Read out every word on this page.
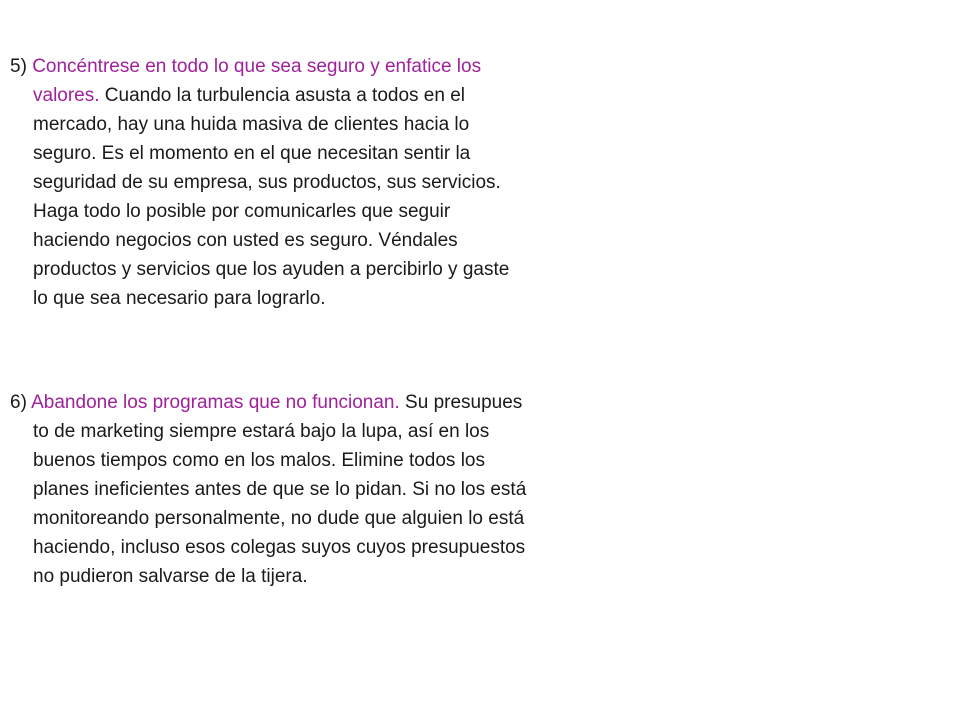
5) Concéntrese en todo lo que sea seguro y enfatice los
valores. Cuando la turbulencia asusta a todos en el
mercado, hay una huida masiva de clientes hacia lo
seguro. Es el momento en el que necesitan sentir la
seguridad de su empresa, sus productos, sus servicios.
Haga todo lo posible por comunicarles que seguir
haciendo negocios con usted es seguro. Véndales
productos y servicios que los ayuden a percibirlo y gaste
lo que sea necesario para lograrlo.

6) Abandone los programas que no funcionan. Su presupues
to de marketing siempre estará bajo la lupa, así en los
buenos tiempos como en los malos. Elimine todos los
planes ineficientes antes de que se lo pidan. Si no los está
monitoreando personalmente, no dude que alguien lo está
haciendo, incluso esos colegas suyos cuyos presupuestos
no pudieron salvarse de la tijera.
